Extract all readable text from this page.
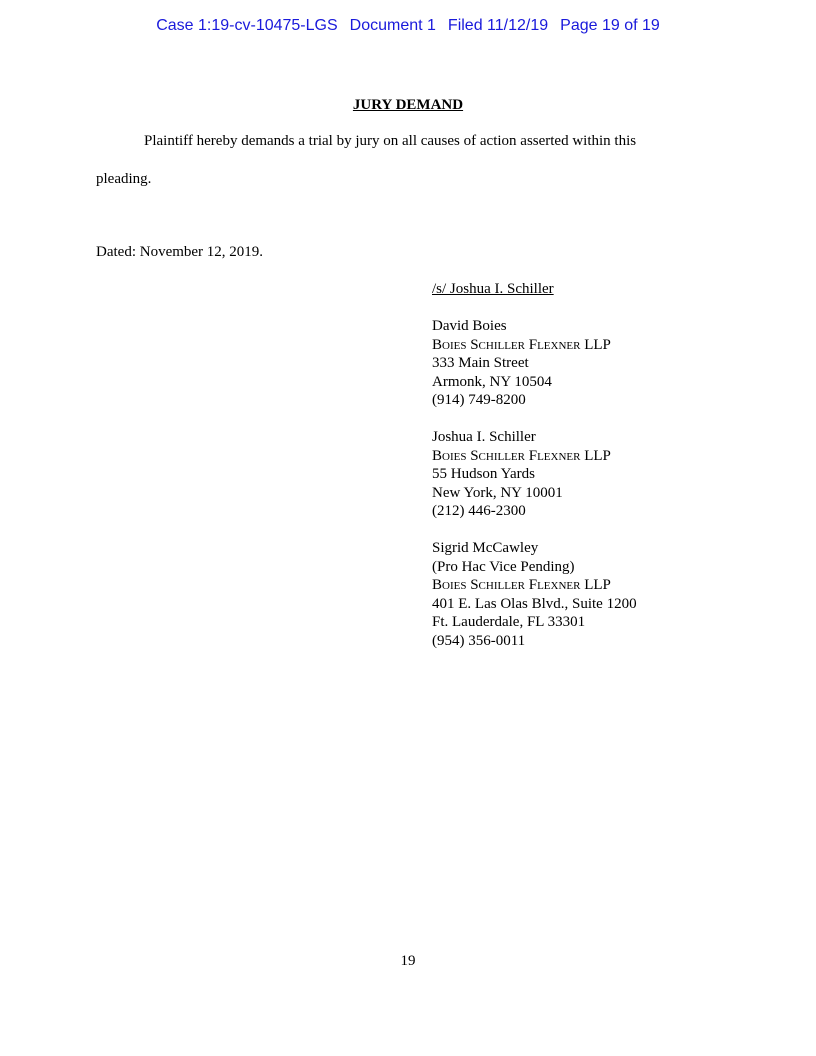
Case 1:19-cv-10475-LGS Document 1 Filed 11/12/19 Page 19 of 19
JURY DEMAND
Plaintiff hereby demands a trial by jury on all causes of action asserted within this
pleading.
Dated: November 12, 2019.
/s/ Joshua I. Schiller
David Boies
Boies Schiller Flexner LLP
333 Main Street
Armonk, NY 10504
(914) 749-8200
Joshua I. Schiller
Boies Schiller Flexner LLP
55 Hudson Yards
New York, NY 10001
(212) 446-2300
Sigrid McCawley
(Pro Hac Vice Pending)
Boies Schiller Flexner LLP
401 E. Las Olas Blvd., Suite 1200
Ft. Lauderdale, FL 33301
(954) 356-0011
19
